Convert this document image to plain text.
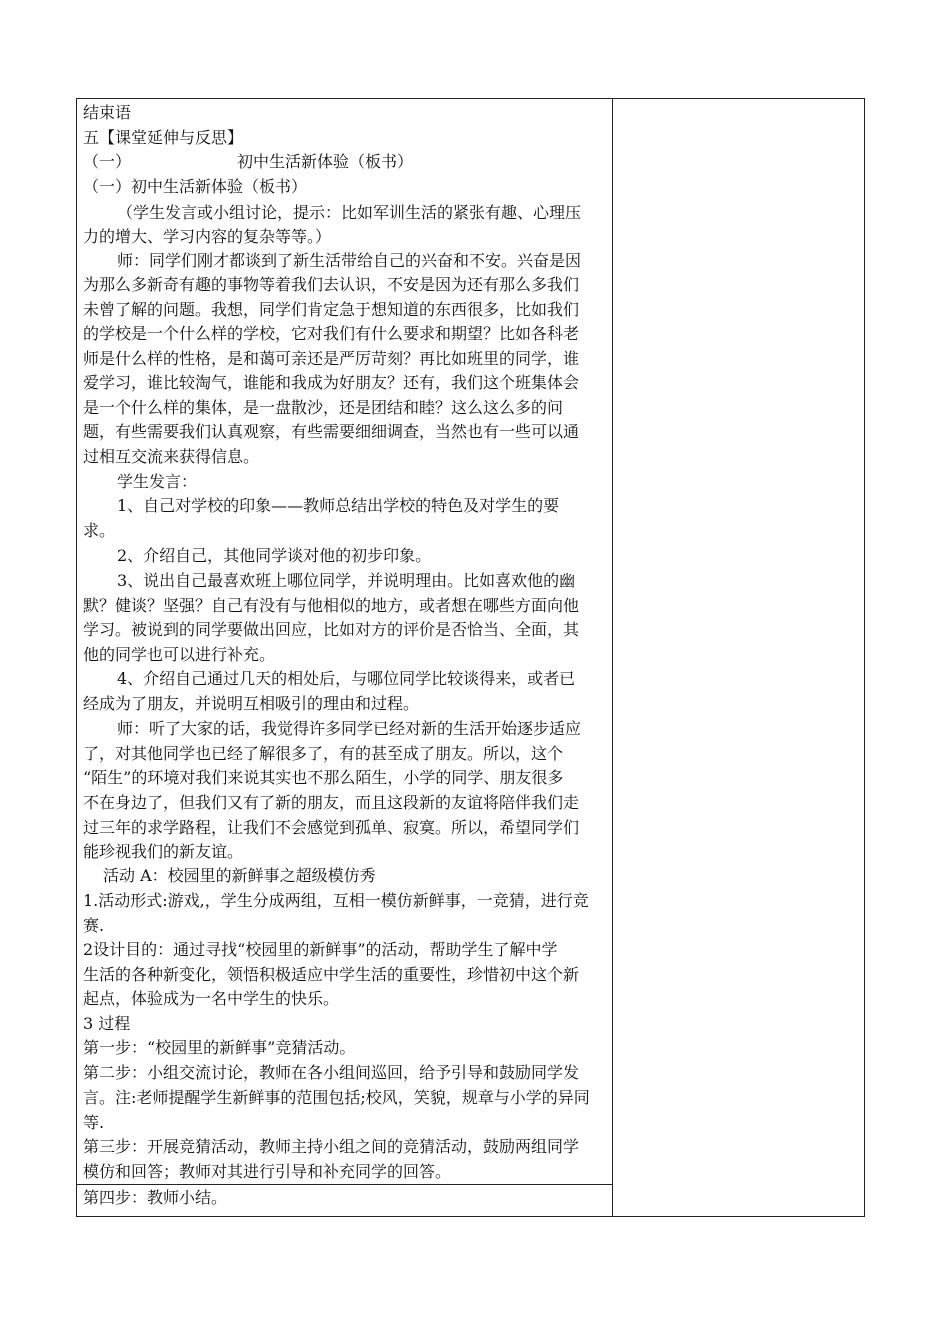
结束语
五【课堂延伸与反思】
（一）	初中生活新体验（板书）
（一）初中生活新体验（板书）
（学生发言或小组讨论，提示：比如军训生活的紧张有趣、心理压
力的增大、学习内容的复杂等等。）
师：同学们刚才都谈到了新生活带给自己的兴奋和不安。兴奋是因
为那么多新奇有趣的事物等着我们去认识，不安是因为还有那么多我们
未曾了解的问题。我想，同学们肯定急于想知道的东西很多，比如我们
的学校是一个什么样的学校，它对我们有什么要求和期望？比如各科老
师是什么样的性格，是和蔼可亲还是严厉苛刻？再比如班里的同学，谁
爱学习，谁比较淘气，谁能和我成为好朋友？还有，我们这个班集体会
是一个什么样的集体，是一盘散沙，还是团结和睦？这么这么多的问
题，有些需要我们认真观察，有些需要细细调查，当然也有一些可以通
过相互交流来获得信息。
学生发言：
1、自己对学校的印象——教师总结出学校的特色及对学生的要
求。
2、介绍自己，其他同学谈对他的初步印象。
3、说出自己最喜欢班上哪位同学，并说明理由。比如喜欢他的幽
默？健谈？坚强？自己有没有与他相似的地方，或者想在哪些方面向他
学习。被说到的同学要做出回应，比如对方的评价是否恰当、全面，其
他的同学也可以进行补充。
4、介绍自己通过几天的相处后，与哪位同学比较谈得来，或者已
经成为了朋友，并说明互相吸引的理由和过程。
师：听了大家的话，我觉得许多同学已经对新的生活开始逐步适应
了，对其他同学也已经了解很多了，有的甚至成了朋友。所以，这个
“陌生”的环境对我们来说其实也不那么陌生，小学的同学、朋友很多
不在身边了，但我们又有了新的朋友，而且这段新的友谊将陪伴我们走
过三年的求学路程，让我们不会感觉到孤单、寂寞。所以，希望同学们
能珍视我们的新友谊。
活动 A：校园里的新鲜事之超级模仿秀
1.活动形式:游戏,，学生分成两组，互相一模仿新鲜事，一竞猜，进行竞
赛.
2设计目的：通过寻找“校园里的新鲜事”的活动，帮助学生了解中学
生活的各种新变化，领悟积极适应中学生活的重要性，珍惜初中这个新
起点，体验成为一名中学生的快乐。
3 过程
第一步：“校园里的新鲜事”竞猜活动。
第二步：小组交流讨论，教师在各小组间巡回，给予引导和鼓励同学发
言。注:老师提醒学生新鲜事的范围包括;校风，笑貌，规章与小学的异同
等.
第三步：开展竞猜活动，教师主持小组之间的竞猜活动，鼓励两组同学
模仿和回答；教师对其进行引导和补充同学的回答。
第四步：教师小结。
